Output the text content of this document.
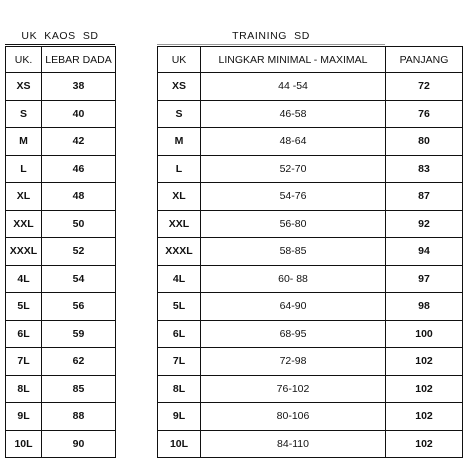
UK  KAOS  SD	TRAINING  SD
UK.	LEBAR DADA
XS	38
S	40
M	42
L	46
XL	48
XXL	50
XXXL	52
4L	54
5L	56
6L	59
7L	62
8L	85
9L	88
10L	90
UK	LINGKAR MINIMAL - MAXIMAL	PANJANG
XS	44 -54	72
S	46-58	76
M	48-64	80
L	52-70	83
XL	54-76	87
XXL	56-80	92
XXXL	58-85	94
4L	60- 88	97
5L	64-90	98
6L	68-95	100
7L	72-98	102
8L	76-102	102
9L	80-106	102
10L	84-110	102
